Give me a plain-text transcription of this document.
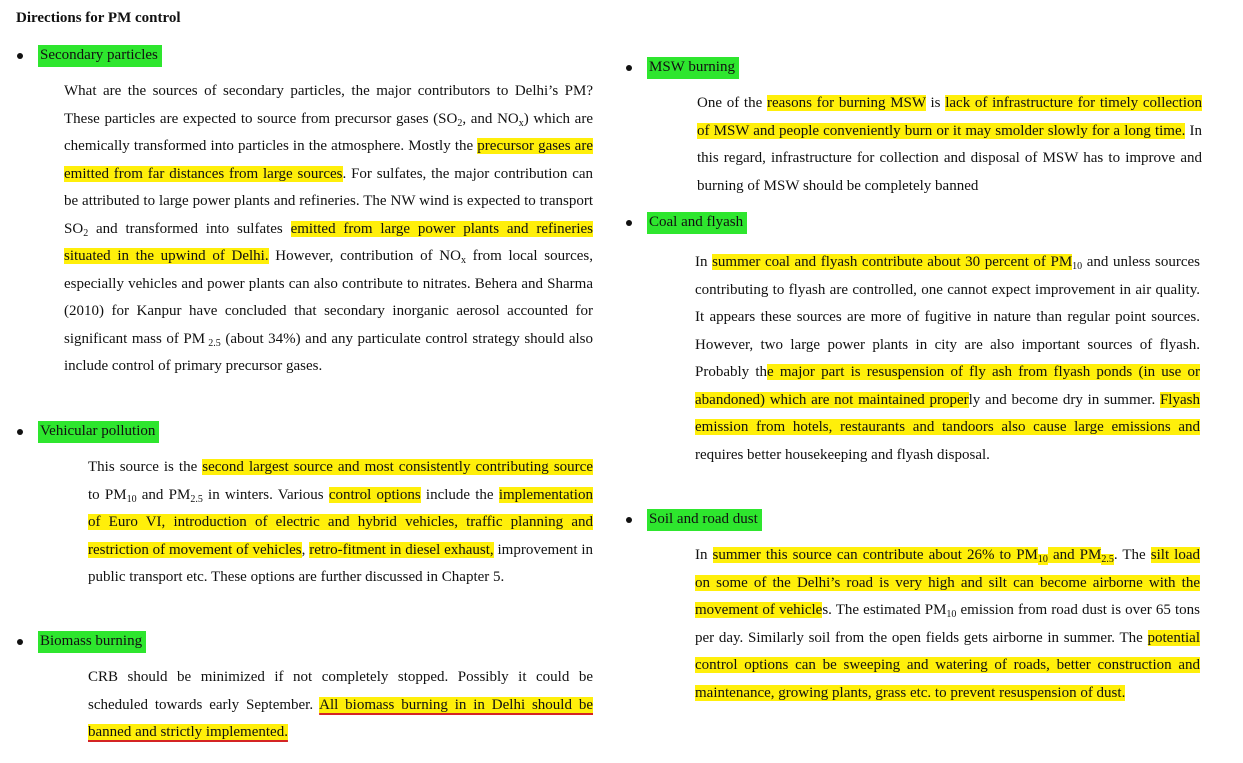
Directions for PM control
Secondary particles
What are the sources of secondary particles, the major contributors to Delhi’s PM? These particles are expected to source from precursor gases ($SO_2$, and $NO_x$) which are chemically transformed into particles in the atmosphere. Mostly the precursor gases are emitted from far distances from large sources. For sulfates, the major contribution can be attributed to large power plants and refineries. The NW wind is expected to transport $SO_2$ and transformed into sulfates emitted from large power plants and refineries situated in the upwind of Delhi. However, contribution of $NO_x$ from local sources, especially vehicles and power plants can also contribute to nitrates. Behera and Sharma (2010) for Kanpur have concluded that secondary inorganic aerosol accounted for significant mass of PM $_{2.5}$ (about 34%) and any particulate control strategy should also include control of primary precursor gases.
Vehicular pollution
This source is the second largest source and most consistently contributing source to $PM_{10}$ and $PM_{2.5}$ in winters. Various control options include the implementation of Euro VI, introduction of electric and hybrid vehicles, traffic planning and restriction of movement of vehicles, retro-fitment in diesel exhaust, improvement in public transport etc. These options are further discussed in Chapter 5.
Biomass burning
CRB should be minimized if not completely stopped. Possibly it could be scheduled towards early September. All biomass burning in in Delhi should be banned and strictly implemented.
MSW burning
One of the reasons for burning MSW is lack of infrastructure for timely collection of MSW and people conveniently burn or it may smolder slowly for a long time. In this regard, infrastructure for collection and disposal of MSW has to improve and burning of MSW should be completely banned
Coal and flyash
In summer coal and flyash contribute about 30 percent of $PM_{10}$ and unless sources contributing to flyash are controlled, one cannot expect improvement in air quality. It appears these sources are more of fugitive in nature than regular point sources. However, two large power plants in city are also important sources of flyash. Probably the major part is resuspension of fly ash from flyash ponds (in use or abandoned) which are not maintained properly and become dry in summer. Flyash emission from hotels, restaurants and tandoors also cause large emissions and requires better housekeeping and flyash disposal.
Soil and road dust
In summer this source can contribute about 26% to $PM_{10}$ and $PM_{2.5}$. The silt load on some of the Delhi’s road is very high and silt can become airborne with the movement of vehicles. The estimated $PM_{10}$ emission from road dust is over 65 tons per day. Similarly soil from the open fields gets airborne in summer. The potential control options can be sweeping and watering of roads, better construction and maintenance, growing plants, grass etc. to prevent resuspension of dust.
